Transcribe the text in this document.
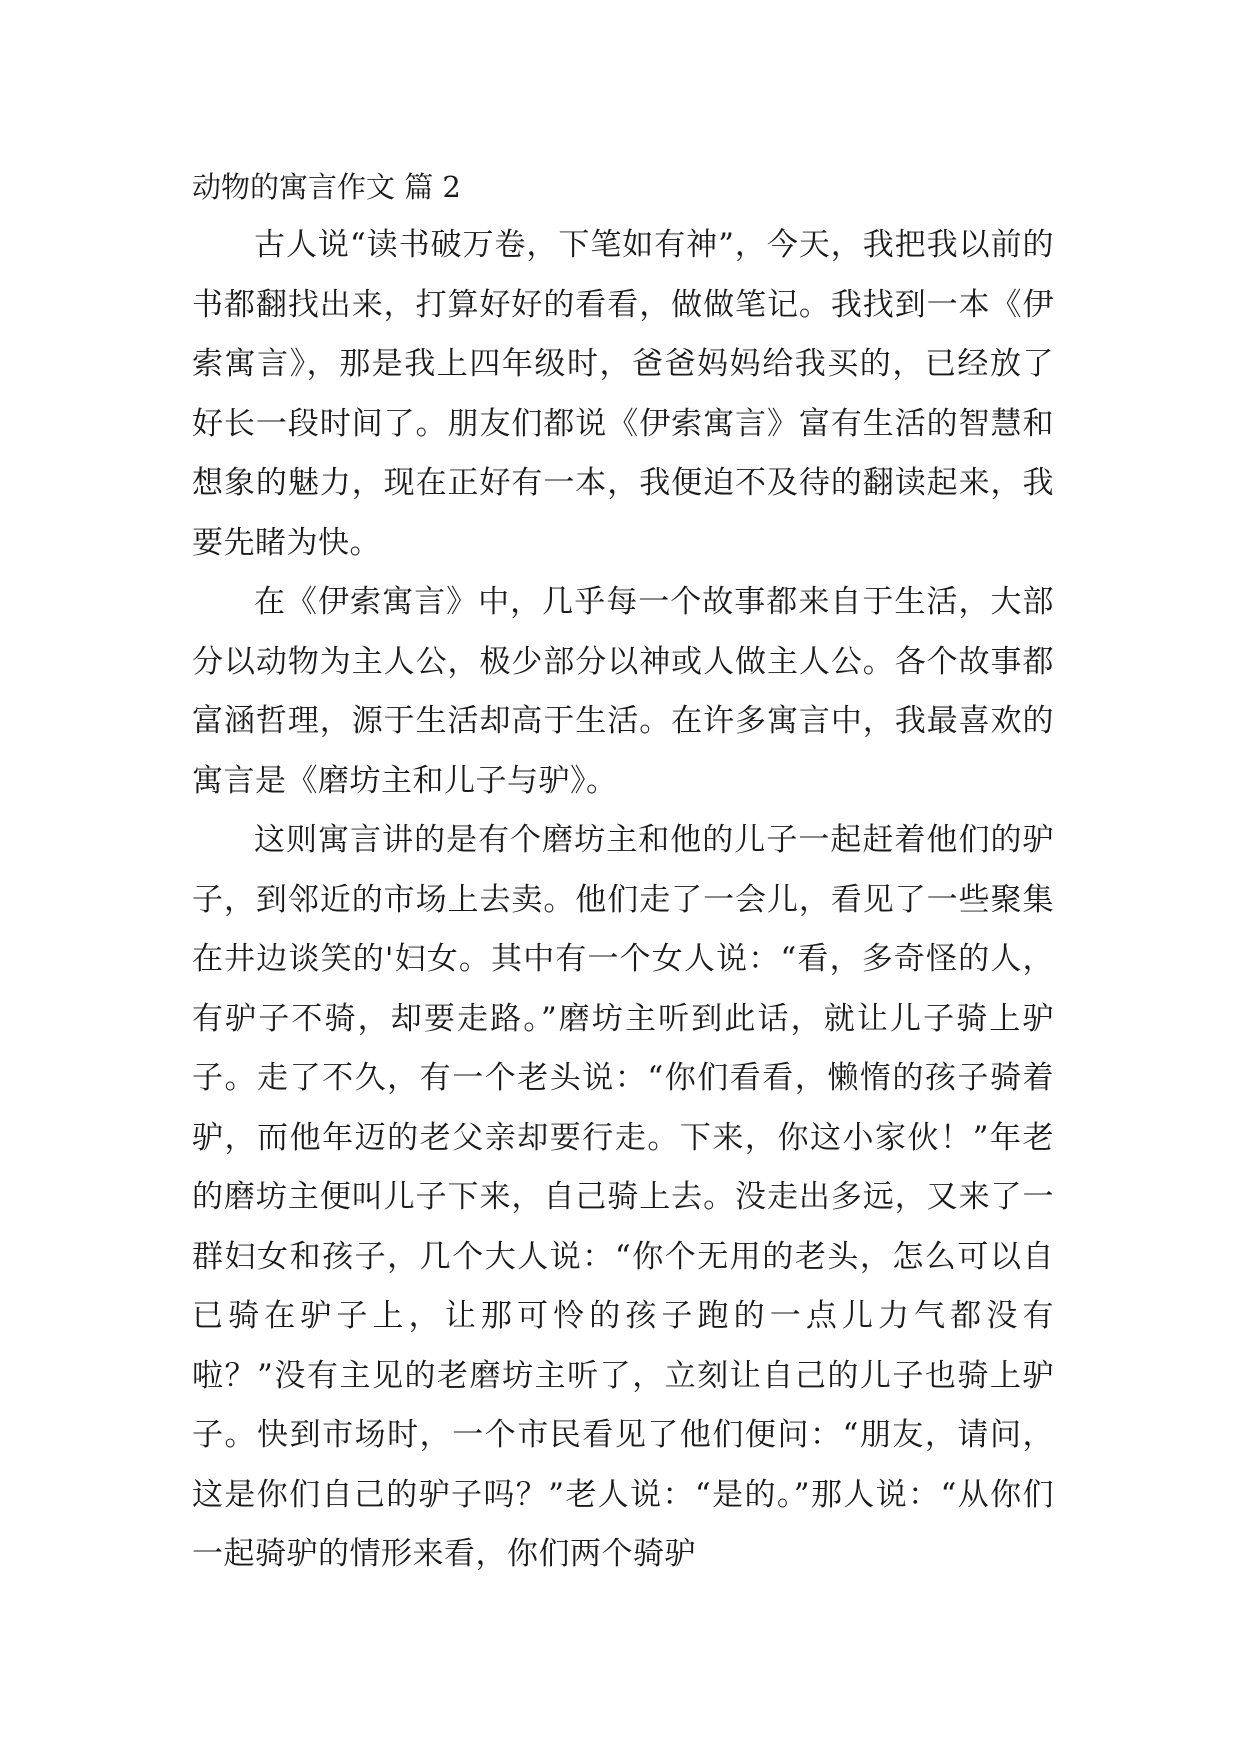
动物的寓言作文 篇 2

古人说“读书破万卷，下笔如有神”，今天，我把我以前的书都翻找出来，打算好好的看看，做做笔记。我找到一本《伊索寓言》，那是我上四年级时，爸爸妈妈给我买的，已经放了好长一段时间了。朋友们都说《伊索寓言》富有生活的智慧和想象的魅力，现在正好有一本，我便迫不及待的翻读起来，我要先睹为快。

在《伊索寓言》中，几乎每一个故事都来自于生活，大部分以动物为主人公，极少部分以神或人做主人公。各个故事都富涵哲理，源于生活却高于生活。在许多寓言中，我最喜欢的寓言是《磨坊主和儿子与驴》。

这则寓言讲的是有个磨坊主和他的儿子一起赶着他们的驴子，到邻近的市场上去卖。他们走了一会儿，看见了一些聚集在井边谈笑的'妇女。其中有一个女人说：“看，多奇怪的人，有驴子不骑，却要走路。”磨坊主听到此话，就让儿子骑上驴子。走了不久，有一个老头说：“你们看看，懒惰的孩子骑着驴，而他年迈的老父亲却要行走。下来，你这小家伙！”年老的磨坊主便叫儿子下来，自己骑上去。没走出多远，又来了一群妇女和孩子，几个大人说：“你个无用的老头，怎么可以自已骑在驴子上，让那可怜的孩子跑的一点儿力气都没有啦？”没有主见的老磨坊主听了，立刻让自己的儿子也骑上驴子。快到市场时，一个市民看见了他们便问：“朋友，请问，这是你们自己的驴子吗？”老人说：“是的。”那人说：“从你们一起骑驴的情形来看，你们两个骑驴
